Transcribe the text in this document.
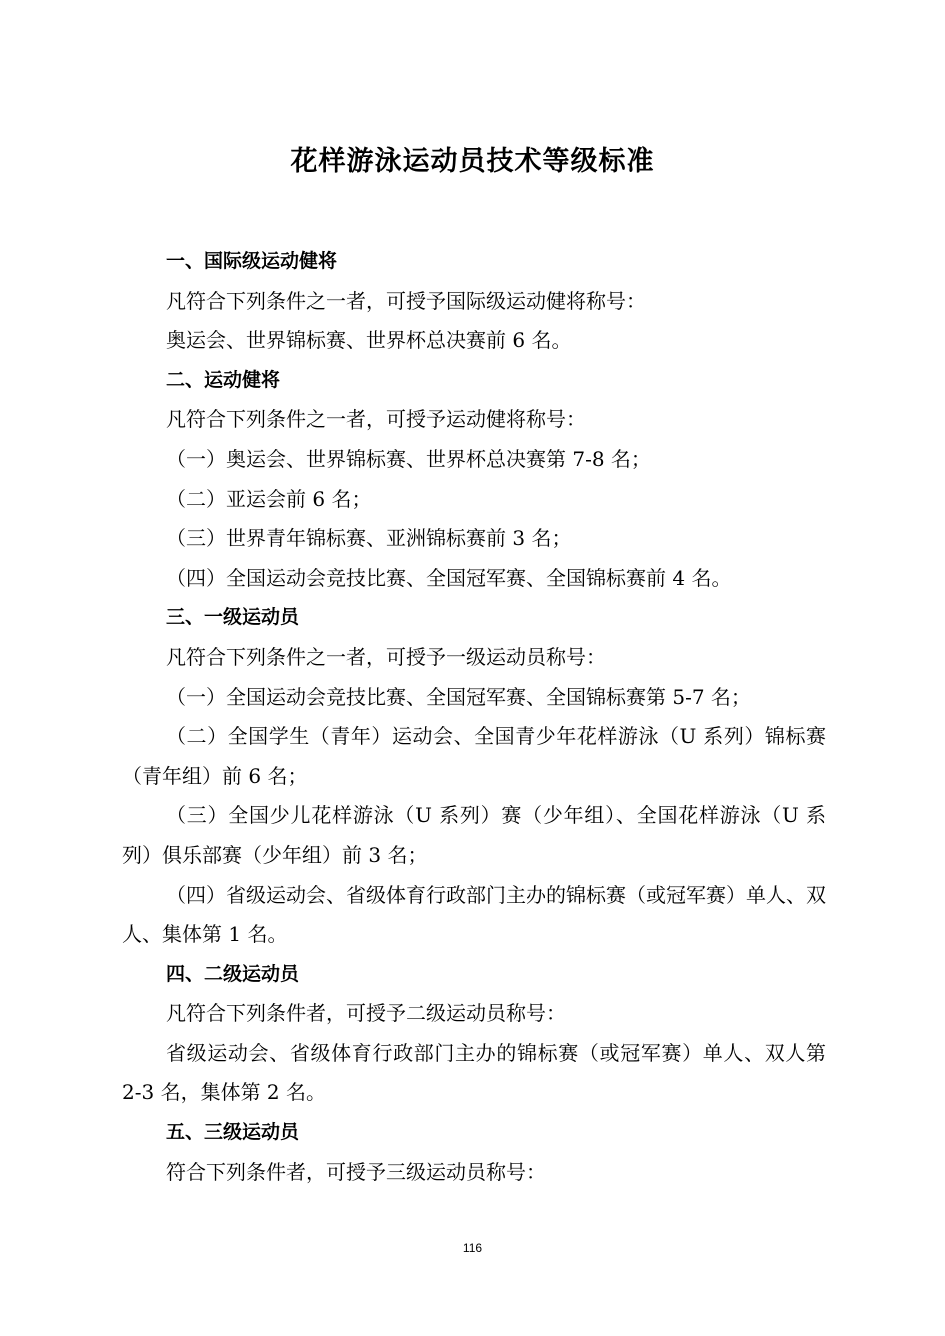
花样游泳运动员技术等级标准

一、国际级运动健将

凡符合下列条件之一者，可授予国际级运动健将称号：

奥运会、世界锦标赛、世界杯总决赛前 6 名。

二、运动健将

凡符合下列条件之一者，可授予运动健将称号：

（一）奥运会、世界锦标赛、世界杯总决赛第 7-8 名；

（二）亚运会前 6 名；

（三）世界青年锦标赛、亚洲锦标赛前 3 名；

（四）全国运动会竞技比赛、全国冠军赛、全国锦标赛前 4 名。

三、一级运动员

凡符合下列条件之一者，可授予一级运动员称号：

（一）全国运动会竞技比赛、全国冠军赛、全国锦标赛第 5-7 名；

（二）全国学生（青年）运动会、全国青少年花样游泳（U 系列）锦标赛（青年组）前 6 名；

（三）全国少儿花样游泳（U 系列）赛（少年组）、全国花样游泳（U 系列）俱乐部赛（少年组）前 3 名；

（四）省级运动会、省级体育行政部门主办的锦标赛（或冠军赛）单人、双人、集体第 1 名。

四、二级运动员

凡符合下列条件者，可授予二级运动员称号：

省级运动会、省级体育行政部门主办的锦标赛（或冠军赛）单人、双人第 2-3 名，集体第 2 名。

五、三级运动员

符合下列条件者，可授予三级运动员称号：

116
